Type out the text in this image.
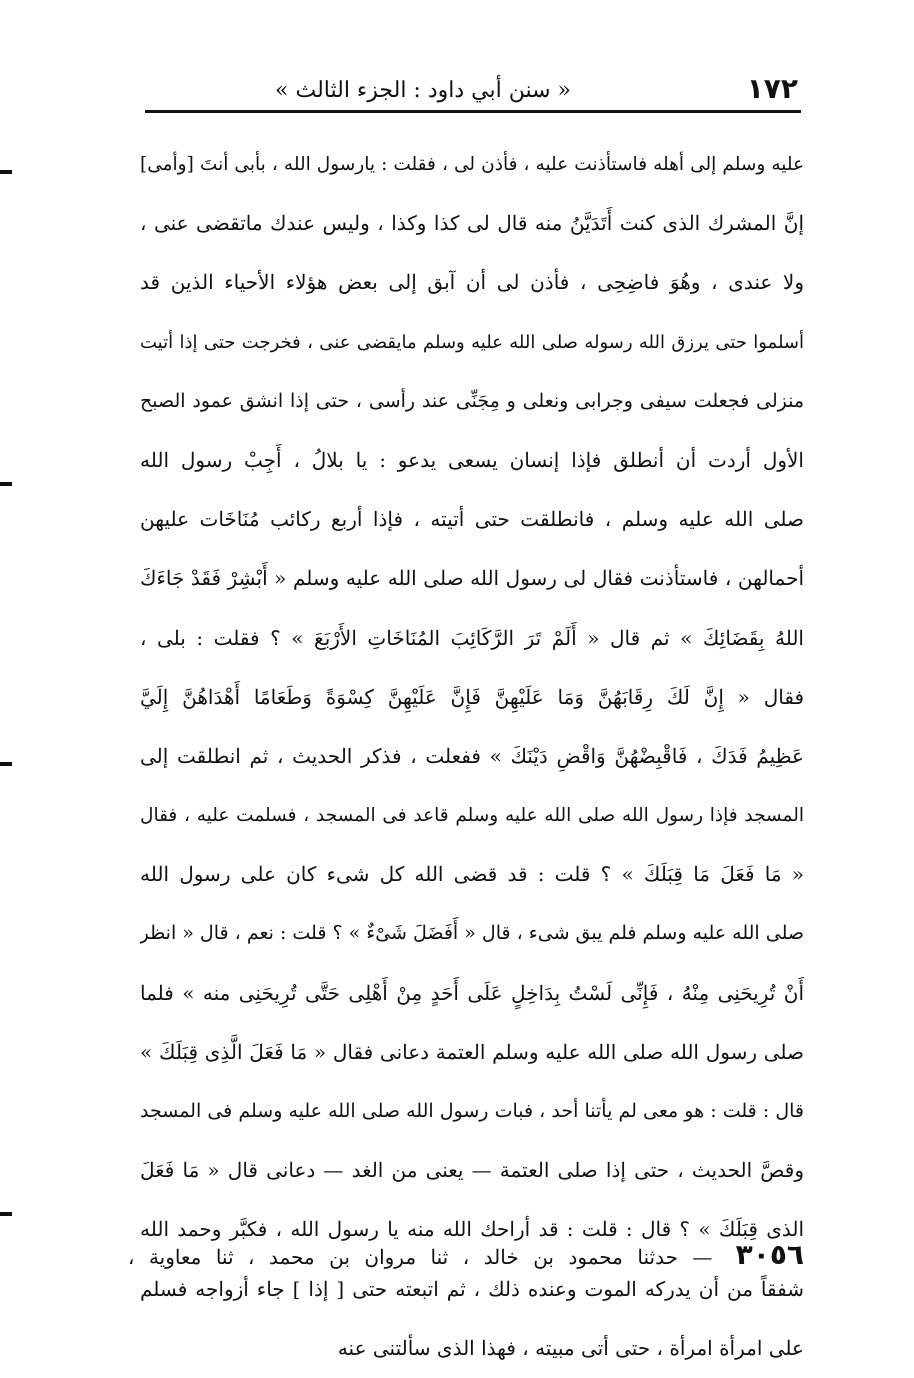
١٧٢
« سنن أبي داود : الجزء الثالث »
عليه وسلم إلى أهله فاستأذنت عليه ، فأذن لى ، فقلت : يارسول الله ، بأبى أنتَ [وأمى]
إنَّ المشرك الذى كنت أَتَدَيَّنُ منه قال لى كذا وكذا ، وليس عندك ماتقضى عنى ،
ولا عندى ، وهُوَ فاضِحِى ، فأذن لى أن آبق إلى بعض هؤلاء الأحياء الذين قد
أسلموا حتى يرزق الله رسوله صلى الله عليه وسلم مايقضى عنى ، فخرجت حتى إذا أتيت
منزلى فجعلت سيفى وجرابى ونعلى و مِجَنِّى عند رأسى ، حتى إذا انشق عمود الصبح
الأول أردت أن أنطلق فإذا إنسان يسعى يدعو : يا بلالُ ، أَجِبْ رسول الله
صلى الله عليه وسلم ، فانطلقت حتى أتيته ، فإذا أربع ركائب مُنَاخَات عليهن
أحمالهن ، فاستأذنت فقال لى رسول الله صلى الله عليه وسلم « أَبْشِرْ فَقَدْ جَاءَكَ
اللهُ بِقَضَائِكَ » ثم قال « أَلَمْ تَرَ الرَّكَائِبَ المُنَاخَاتِ الأَرْبَعَ » ؟ فقلت : بلى ،
فقال « إِنَّ لَكَ رِقَابَهُنَّ وَمَا عَلَيْهِنَّ فَإِنَّ عَلَيْهِنَّ كِسْوَةً وَطَعَامًا أَهْدَاهُنَّ إِلَيَّ
عَظِيمُ فَدَكَ ، فَاقْبِضْهُنَّ وَاقْضِ دَيْنَكَ » ففعلت ، فذكر الحديث ، ثم انطلقت إلى
المسجد فإذا رسول الله صلى الله عليه وسلم قاعد فى المسجد ، فسلمت عليه ، فقال
« مَا فَعَلَ مَا قِبَلَكَ » ؟ قلت : قد قضى الله كل شىء كان على رسول الله
صلى الله عليه وسلم فلم يبق شىء ، قال « أَفَضَلَ شَىْءٌ » ؟ قلت : نعم ، قال « انظر
أَنْ تُرِيحَنِى مِنْهُ ، فَإِنِّى لَسْتُ بِدَاخِلٍ عَلَى أَحَدٍ مِنْ أَهْلِى حَتَّى تُرِيحَنِى منه » فلما
صلى رسول الله صلى الله عليه وسلم العتمة دعانى فقال « مَا فَعَلَ الَّذِى قِبَلَكَ »
قال : قلت : هو معى لم يأتنا أحد ، فبات رسول الله صلى الله عليه وسلم فى المسجد
وقصَّ الحديث ، حتى إذا صلى العتمة — يعنى من الغد — دعانى قال « مَا فَعَلَ
الذى قِبَلَكَ » ؟ قال : قلت : قد أراحك الله منه يا رسول الله ، فكبَّر وحمد الله
شفقاً من أن يدركه الموت وعنده ذلك ، ثم اتبعته حتى [ إذا ] جاء أزواجه فسلم
على امرأة امرأة ، حتى أتى مبيته ، فهذا الذى سألتنى عنه
٣٠٥٦ — حدثنا محمود بن خالد ، ثنا مروان بن محمد ، ثنا معاوية ،
